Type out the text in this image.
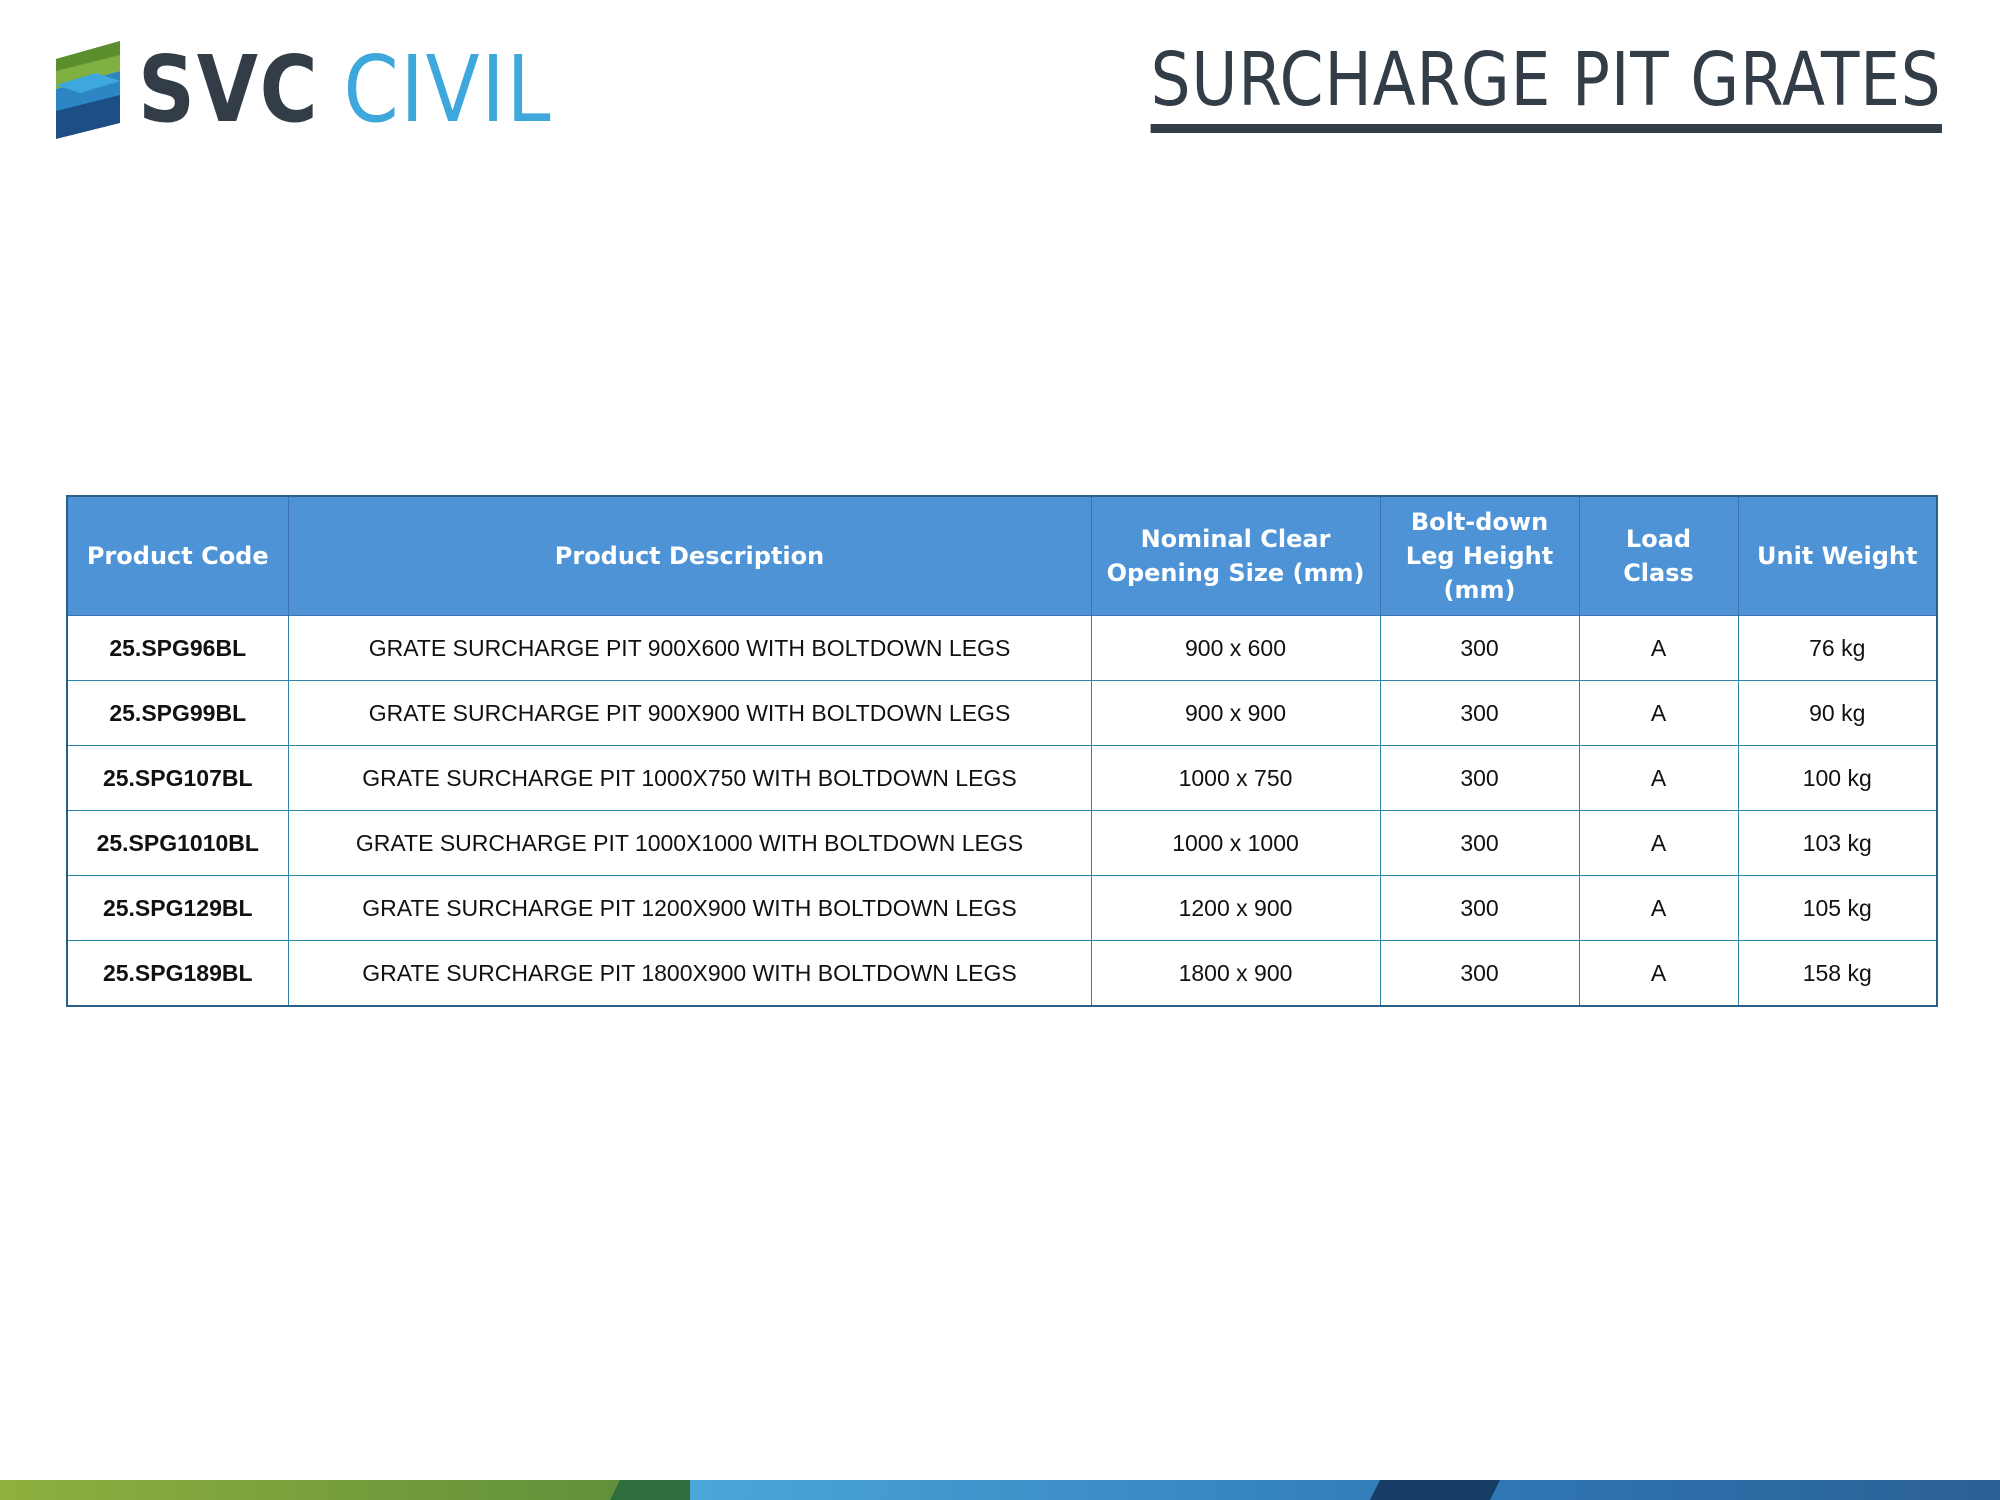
SVC CIVIL	SURCHARGE PIT GRATES
Product Code	Product Description	Nominal Clear Opening Size (mm)	Bolt-down Leg Height (mm)	Load Class	Unit Weight
25.SPG96BL	GRATE SURCHARGE PIT 900X600 WITH BOLTDOWN LEGS	900 x 600	300	A	76 kg
25.SPG99BL	GRATE SURCHARGE PIT 900X900 WITH BOLTDOWN LEGS	900 x 900	300	A	90 kg
25.SPG107BL	GRATE SURCHARGE PIT 1000X750 WITH BOLTDOWN LEGS	1000 x 750	300	A	100 kg
25.SPG1010BL	GRATE SURCHARGE PIT 1000X1000 WITH BOLTDOWN LEGS	1000 x 1000	300	A	103 kg
25.SPG129BL	GRATE SURCHARGE PIT 1200X900 WITH BOLTDOWN LEGS	1200 x 900	300	A	105 kg
25.SPG189BL	GRATE SURCHARGE PIT 1800X900 WITH BOLTDOWN LEGS	1800 x 900	300	A	158 kg
